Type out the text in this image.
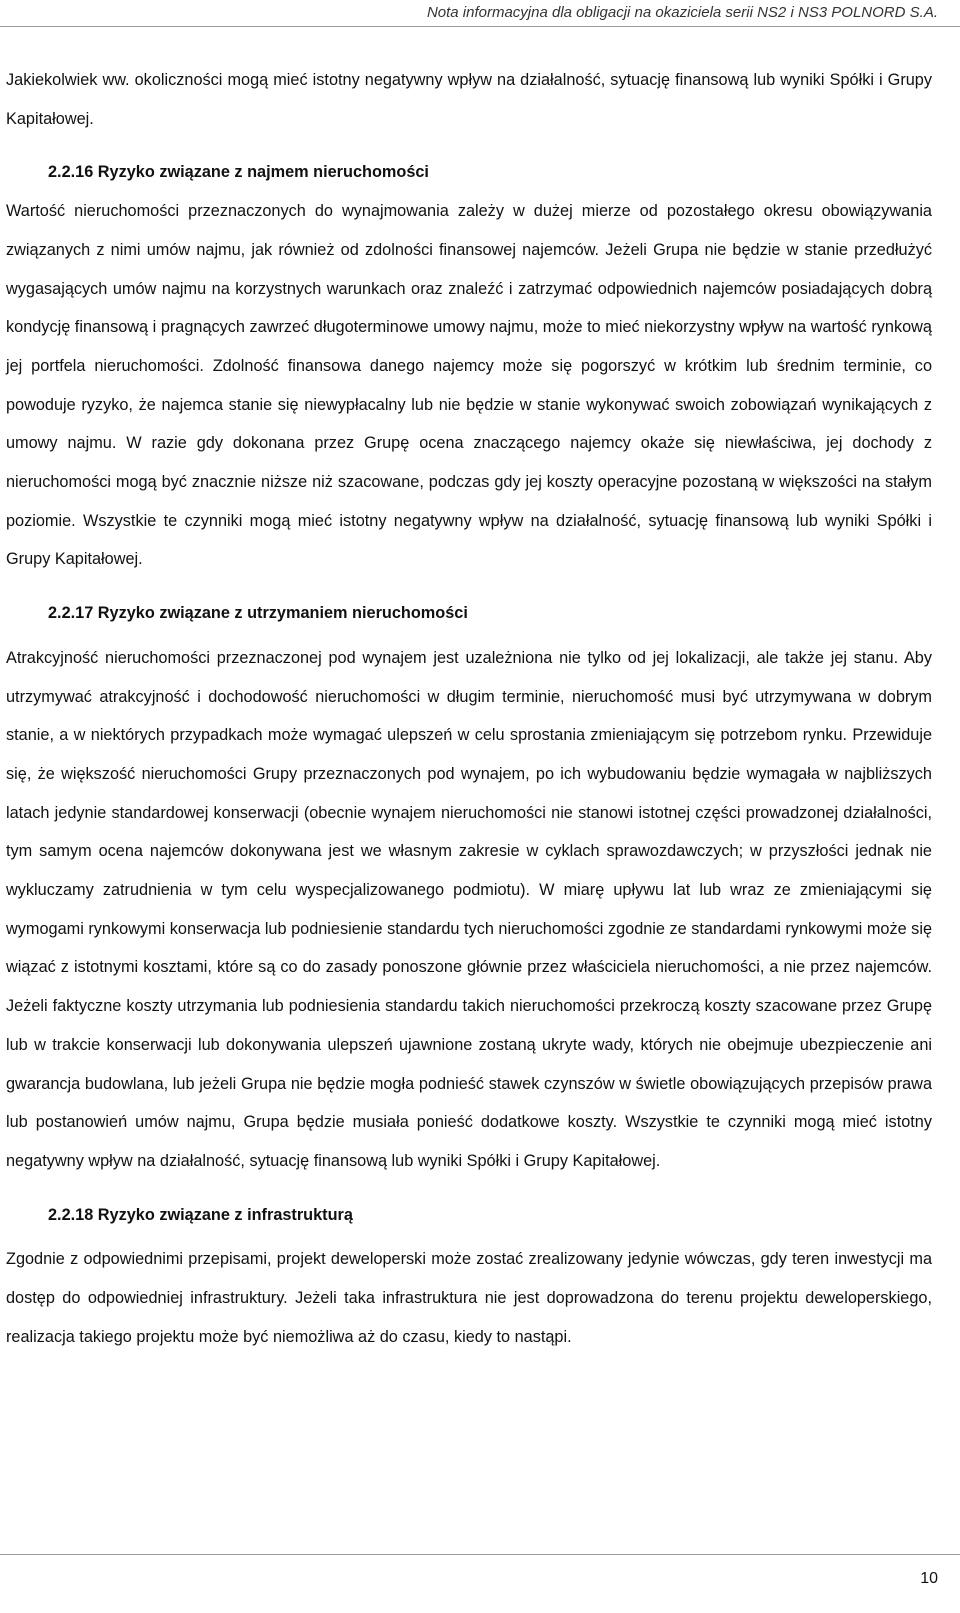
Nota informacyjna dla obligacji na okaziciela serii NS2 i NS3 POLNORD S.A.

Jakiekolwiek ww. okoliczności mogą mieć istotny negatywny wpływ na działalność, sytuację finansową lub wyniki Spółki i Grupy Kapitałowej.

2.2.16 Ryzyko związane z najmem nieruchomości

Wartość nieruchomości przeznaczonych do wynajmowania zależy w dużej mierze od pozostałego okresu obowiązywania związanych z nimi umów najmu, jak również od zdolności finansowej najemców. Jeżeli Grupa nie będzie w stanie przedłużyć wygasających umów najmu na korzystnych warunkach oraz znaleźć i zatrzymać odpowiednich najemców posiadających dobrą kondycję finansową i pragnących zawrzeć długoterminowe umowy najmu, może to mieć niekorzystny wpływ na wartość rynkową jej portfela nieruchomości. Zdolność finansowa danego najemcy może się pogorszyć w krótkim lub średnim terminie, co powoduje ryzyko, że najemca stanie się niewypłacalny lub nie będzie w stanie wykonywać swoich zobowiązań wynikających z umowy najmu. W razie gdy dokonana przez Grupę ocena znaczącego najemcy okaże się niewłaściwa, jej dochody z nieruchomości mogą być znacznie niższe niż szacowane, podczas gdy jej koszty operacyjne pozostaną w większości na stałym poziomie. Wszystkie te czynniki mogą mieć istotny negatywny wpływ na działalność, sytuację finansową lub wyniki Spółki i Grupy Kapitałowej.

2.2.17 Ryzyko związane z utrzymaniem nieruchomości

Atrakcyjność nieruchomości przeznaczonej pod wynajem jest uzależniona nie tylko od jej lokalizacji, ale także jej stanu. Aby utrzymywać atrakcyjność i dochodowość nieruchomości w długim terminie, nieruchomość musi być utrzymywana w dobrym stanie, a w niektórych przypadkach może wymagać ulepszeń w celu sprostania zmieniającym się potrzebom rynku. Przewiduje się, że większość nieruchomości Grupy przeznaczonych pod wynajem, po ich wybudowaniu będzie wymagała w najbliższych latach jedynie standardowej konserwacji (obecnie wynajem nieruchomości nie stanowi istotnej części prowadzonej działalności, tym samym ocena najemców dokonywana jest we własnym zakresie w cyklach sprawozdawczych; w przyszłości jednak nie wykluczamy zatrudnienia w tym celu wyspecjalizowanego podmiotu). W miarę upływu lat lub wraz ze zmieniającymi się wymogami rynkowymi konserwacja lub podniesienie standardu tych nieruchomości zgodnie ze standardami rynkowymi może się wiązać z istotnymi kosztami, które są co do zasady ponoszone głównie przez właściciela nieruchomości, a nie przez najemców. Jeżeli faktyczne koszty utrzymania lub podniesienia standardu takich nieruchomości przekroczą koszty szacowane przez Grupę lub w trakcie konserwacji lub dokonywania ulepszeń ujawnione zostaną ukryte wady, których nie obejmuje ubezpieczenie ani gwarancja budowlana, lub jeżeli Grupa nie będzie mogła podnieść stawek czynszów w świetle obowiązujących przepisów prawa lub postanowień umów najmu, Grupa będzie musiała ponieść dodatkowe koszty. Wszystkie te czynniki mogą mieć istotny negatywny wpływ na działalność, sytuację finansową lub wyniki Spółki i Grupy Kapitałowej.

2.2.18 Ryzyko związane z infrastrukturą

Zgodnie z odpowiednimi przepisami, projekt deweloperski może zostać zrealizowany jedynie wówczas, gdy teren inwestycji ma dostęp do odpowiedniej infrastruktury. Jeżeli taka infrastruktura nie jest doprowadzona do terenu projektu deweloperskiego, realizacja takiego projektu może być niemożliwa aż do czasu, kiedy to nastąpi.

10
